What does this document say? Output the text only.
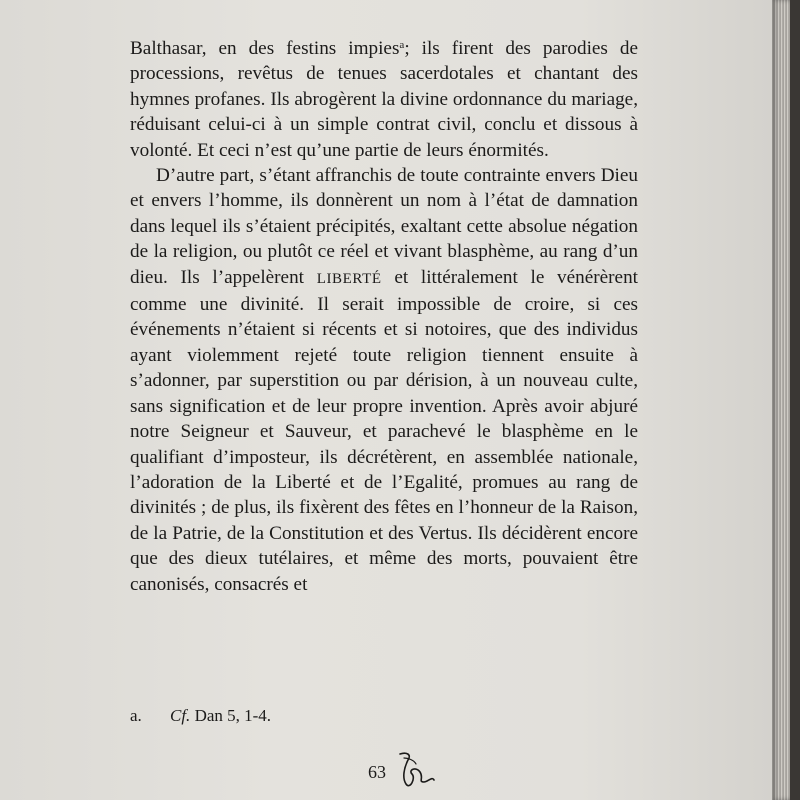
Balthasar, en des festins impies$^a$; ils firent des parodies de processions, revêtus de tenues sacerdotales et chantant des hymnes profanes. Ils abrogèrent la divine ordonnance du mariage, réduisant celui-ci à un simple contrat civil, conclu et dissous à volonté. Et ceci n’est qu’une partie de leurs énormités.

D’autre part, s’étant affranchis de toute contrainte envers Dieu et envers l’homme, ils donnèrent un nom à l’état de damnation dans lequel ils s’étaient précipités, exaltant cette absolue négation de la religion, ou plutôt ce réel et vivant blasphème, au rang d’un dieu. Ils l’appelèrent LIBERTÉ et littéralement le vénérèrent comme une divinité. Il serait impossible de croire, si ces événements n’étaient si récents et si notoires, que des individus ayant violemment rejeté toute religion tiennent ensuite à s’adonner, par superstition ou par dérision, à un nouveau culte, sans signification et de leur propre invention. Après avoir abjuré notre Seigneur et Sauveur, et parachevé le blasphème en le qualifiant d’imposteur, ils décrétèrent, en assemblée nationale, l’adoration de la Liberté et de l’Egalité, promues au rang de divinités ; de plus, ils fixèrent des fêtes en l’honneur de la Raison, de la Patrie, de la Constitution et des Vertus. Ils décidèrent encore que des dieux tutélaires, et même des morts, pouvaient être canonisés, consacrés et

a. Cf. Dan 5, 1-4.
63
